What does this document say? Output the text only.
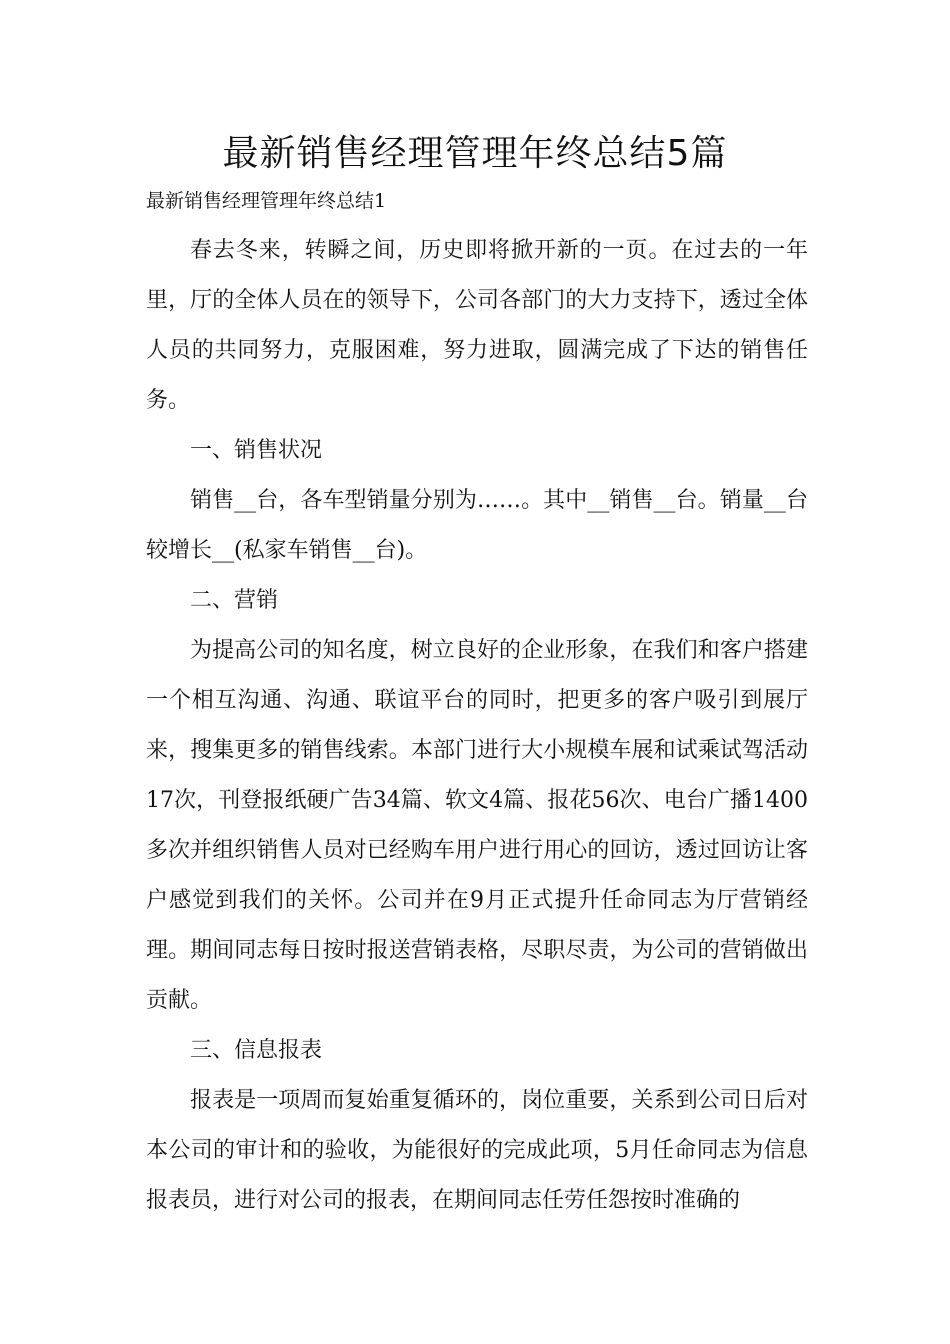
最新销售经理管理年终总结5篇

最新销售经理管理年终总结1

春去冬来，转瞬之间，历史即将掀开新的一页。在过去的一年里，厅的全体人员在的领导下，公司各部门的大力支持下，透过全体人员的共同努力，克服困难，努力进取，圆满完成了下达的销售任务。

一、销售状况

销售__台，各车型销量分别为……。其中__销售__台。销量__台较增长__(私家车销售__台)。

二、营销

为提高公司的知名度，树立良好的企业形象，在我们和客户搭建一个相互沟通、沟通、联谊平台的同时，把更多的客户吸引到展厅来，搜集更多的销售线索。本部门进行大小规模车展和试乘试驾活动17次，刊登报纸硬广告34篇、软文4篇、报花56次、电台广播1400多次并组织销售人员对已经购车用户进行用心的回访，透过回访让客户感觉到我们的关怀。公司并在9月正式提升任命同志为厅营销经理。期间同志每日按时报送营销表格，尽职尽责，为公司的营销做出贡献。

三、信息报表

报表是一项周而复始重复循环的，岗位重要，关系到公司日后对本公司的审计和的验收，为能很好的完成此项，5月任命同志为信息报表员，进行对公司的报表，在期间同志任劳任怨按时准确的
